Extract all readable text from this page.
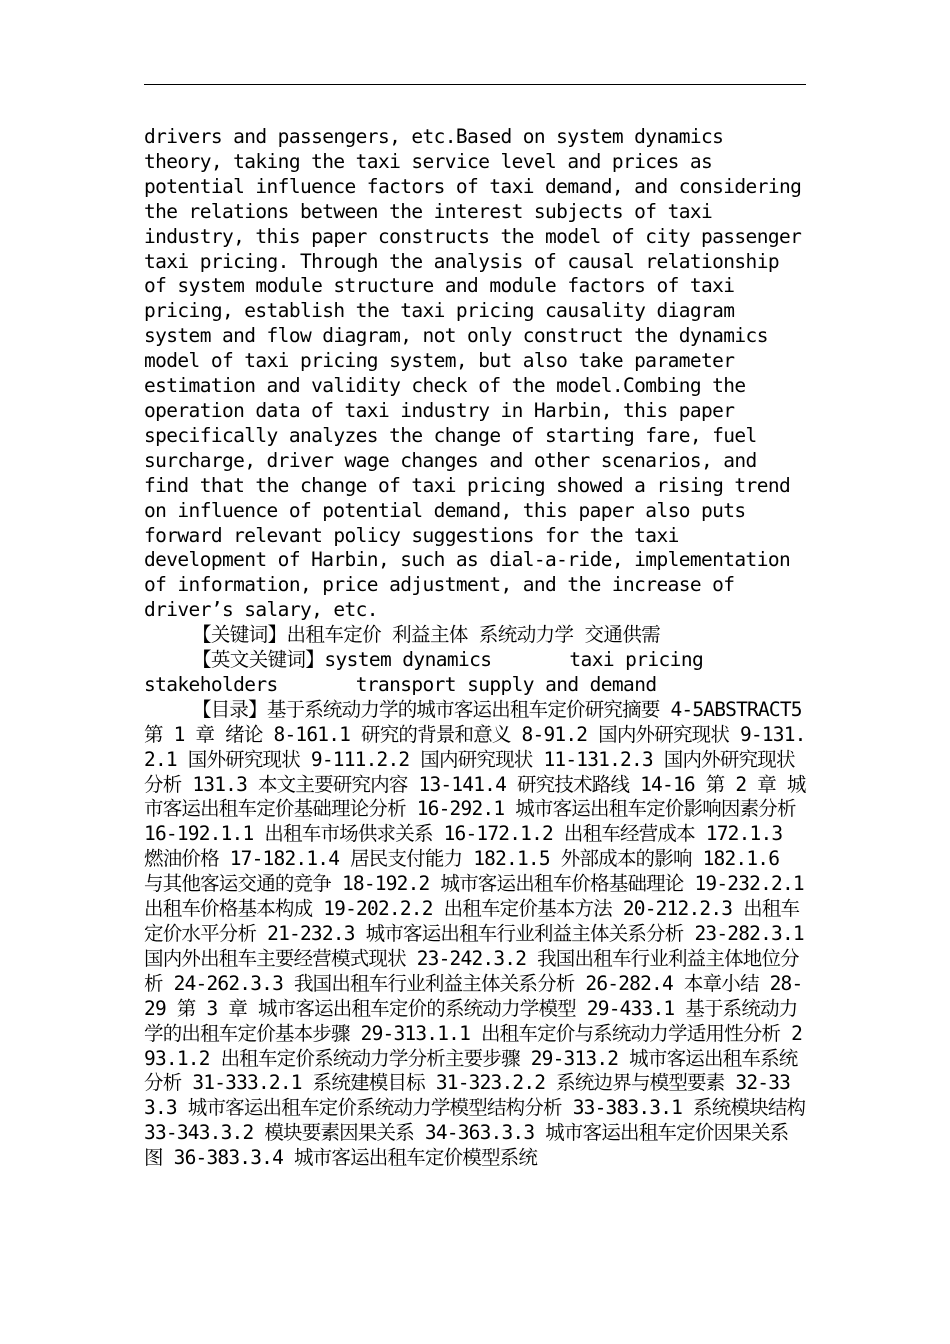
drivers and passengers, etc.Based on system dynamics
theory, taking the taxi service level and prices as
potential influence factors of taxi demand, and considering
the relations between the interest subjects of taxi
industry, this paper constructs the model of city passenger
taxi pricing. Through the analysis of causal relationship
of system module structure and module factors of taxi
pricing, establish the taxi pricing causality diagram
system and flow diagram, not only construct the dynamics
model of taxi pricing system, but also take parameter
estimation and validity check of the model.Combing the
operation data of taxi industry in Harbin, this paper
specifically analyzes the change of starting fare, fuel
surcharge, driver wage changes and other scenarios, and
find that the change of taxi pricing showed a rising trend
on influence of potential demand, this paper also puts
forward relevant policy suggestions for the taxi
development of Harbin, such as dial-a-ride, implementation
of information, price adjustment, and the increase of
driver’s salary, etc.

【关键词】出租车定价 利益主体 系统动力学 交通供需

【英文关键词】system dynamics	taxi pricing

stakeholders	transport supply and demand

【目录】基于系统动力学的城市客运出租车定价研究摘要 4-5ABSTRACT5 第 1 章 绪论 8-161.1 研究的背景和意义 8-91.2 国内外研究现状 9-131.2.1 国外研究现状 9-111.2.2 国内研究现状 11-131.2.3 国内外研究现状分析 131.3 本文主要研究内容 13-141.4 研究技术路线 14-16 第 2 章 城市客运出租车定价基础理论分析 16-292.1 城市客运出租车定价影响因素分析 16-192.1.1 出租车市场供求关系 16-172.1.2 出租车经营成本 172.1.3 燃油价格 17-182.1.4 居民支付能力 182.1.5 外部成本的影响 182.1.6 与其他客运交通的竞争 18-192.2 城市客运出租车价格基础理论 19-232.2.1 出租车价格基本构成 19-202.2.2 出租车定价基本方法 20-212.2.3 出租车定价水平分析 21-232.3 城市客运出租车行业利益主体关系分析 23-282.3.1 国内外出租车主要经营模式现状 23-242.3.2 我国出租车行业利益主体地位分析 24-262.3.3 我国出租车行业利益主体关系分析 26-282.4 本章小结 28-29 第 3 章 城市客运出租车定价的系统动力学模型 29-433.1 基于系统动力学的出租车定价基本步骤 29-313.1.1 出租车定价与系统动力学适用性分析 293.1.2 出租车定价系统动力学分析主要步骤 29-313.2 城市客运出租车系统分析 31-333.2.1 系统建模目标 31-323.2.2 系统边界与模型要素 32-333.3 城市客运出租车定价系统动力学模型结构分析 33-383.3.1 系统模块结构 33-343.3.2 模块要素因果关系 34-363.3.3 城市客运出租车定价因果关系图 36-383.3.4 城市客运出租车定价模型系统
